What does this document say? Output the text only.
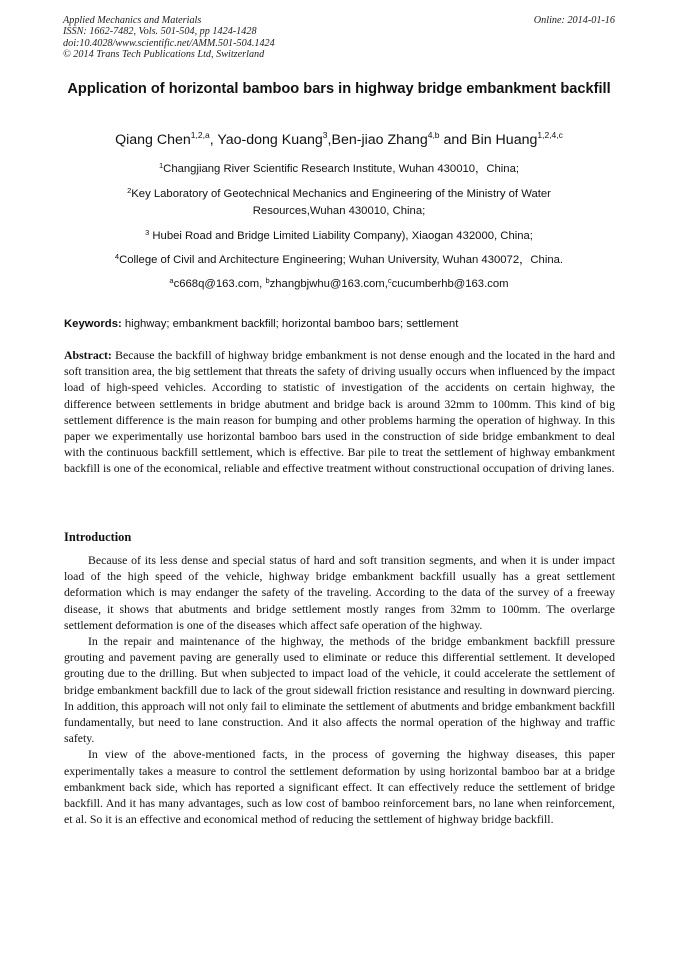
Applied Mechanics and Materials
ISSN: 1662-7482, Vols. 501-504, pp 1424-1428
doi:10.4028/www.scientific.net/AMM.501-504.1424
© 2014 Trans Tech Publications Ltd, Switzerland
Online: 2014-01-16
Application of horizontal bamboo bars in highway bridge embankment backfill
Qiang Chen$^{1,2,a}$, Yao-dong Kuang$^3$,Ben-jiao Zhang$^{4,b}$ and Bin Huang$^{1,2,4,c}$
$^1$Changjiang River Scientific Research Institute, Wuhan 430010，China;
$^2$Key Laboratory of Geotechnical Mechanics and Engineering of the Ministry of Water Resources,Wuhan 430010, China;
$^3$ Hubei Road and Bridge Limited Liability Company), Xiaogan 432000, China;
$^4$College of Civil and Architecture Engineering; Wuhan University, Wuhan 430072，China.
$^a$c668q@163.com, $^b$zhangbjwhu@163.com,$^c$cucumberhb@163.com
Keywords: highway; embankment backfill; horizontal bamboo bars; settlement
Abstract: Because the backfill of highway bridge embankment is not dense enough and the located in the hard and soft transition area, the big settlement that threats the safety of driving usually occurs when influenced by the impact load of high-speed vehicles. According to statistic of investigation of the accidents on certain highway, the difference between settlements in bridge abutment and bridge back is around 32mm to 100mm. This kind of big settlement difference is the main reason for bumping and other problems harming the operation of highway. In this paper we experimentally use horizontal bamboo bars used in the construction of side bridge embankment to deal with the continuous backfill settlement, which is effective. Bar pile to treat the settlement of highway embankment backfill is one of the economical, reliable and effective treatment without constructional occupation of driving lanes.
Introduction

Because of its less dense and special status of hard and soft transition segments, and when it is under impact load of the high speed of the vehicle, highway bridge embankment backfill usually has a great settlement deformation which is may endanger the safety of the traveling. According to the data of the survey of a freeway disease, it shows that abutments and bridge settlement mostly ranges from 32mm to 100mm. The overlarge settlement deformation is one of the diseases which affect safe operation of the highway.

In the repair and maintenance of the highway, the methods of the bridge embankment backfill pressure grouting and pavement paving are generally used to eliminate or reduce this differential settlement. It developed grouting due to the drilling. But when subjected to impact load of the vehicle, it could accelerate the settlement of bridge embankment backfill due to lack of the grout sidewall friction resistance and resulting in downward piercing. In addition, this approach will not only fail to eliminate the settlement of abutments and bridge embankment backfill fundamentally, but need to lane construction. And it also affects the normal operation of the highway and traffic safety.

In view of the above-mentioned facts, in the process of governing the highway diseases, this paper experimentally takes a measure to control the settlement deformation by using horizontal bamboo bar at a bridge embankment back side, which has reported a significant effect. It can effectively reduce the settlement of bridge backfill. And it has many advantages, such as low cost of bamboo reinforcement bars, no lane when reinforcement, et al. So it is an effective and economical method of reducing the settlement of highway bridge backfill.
